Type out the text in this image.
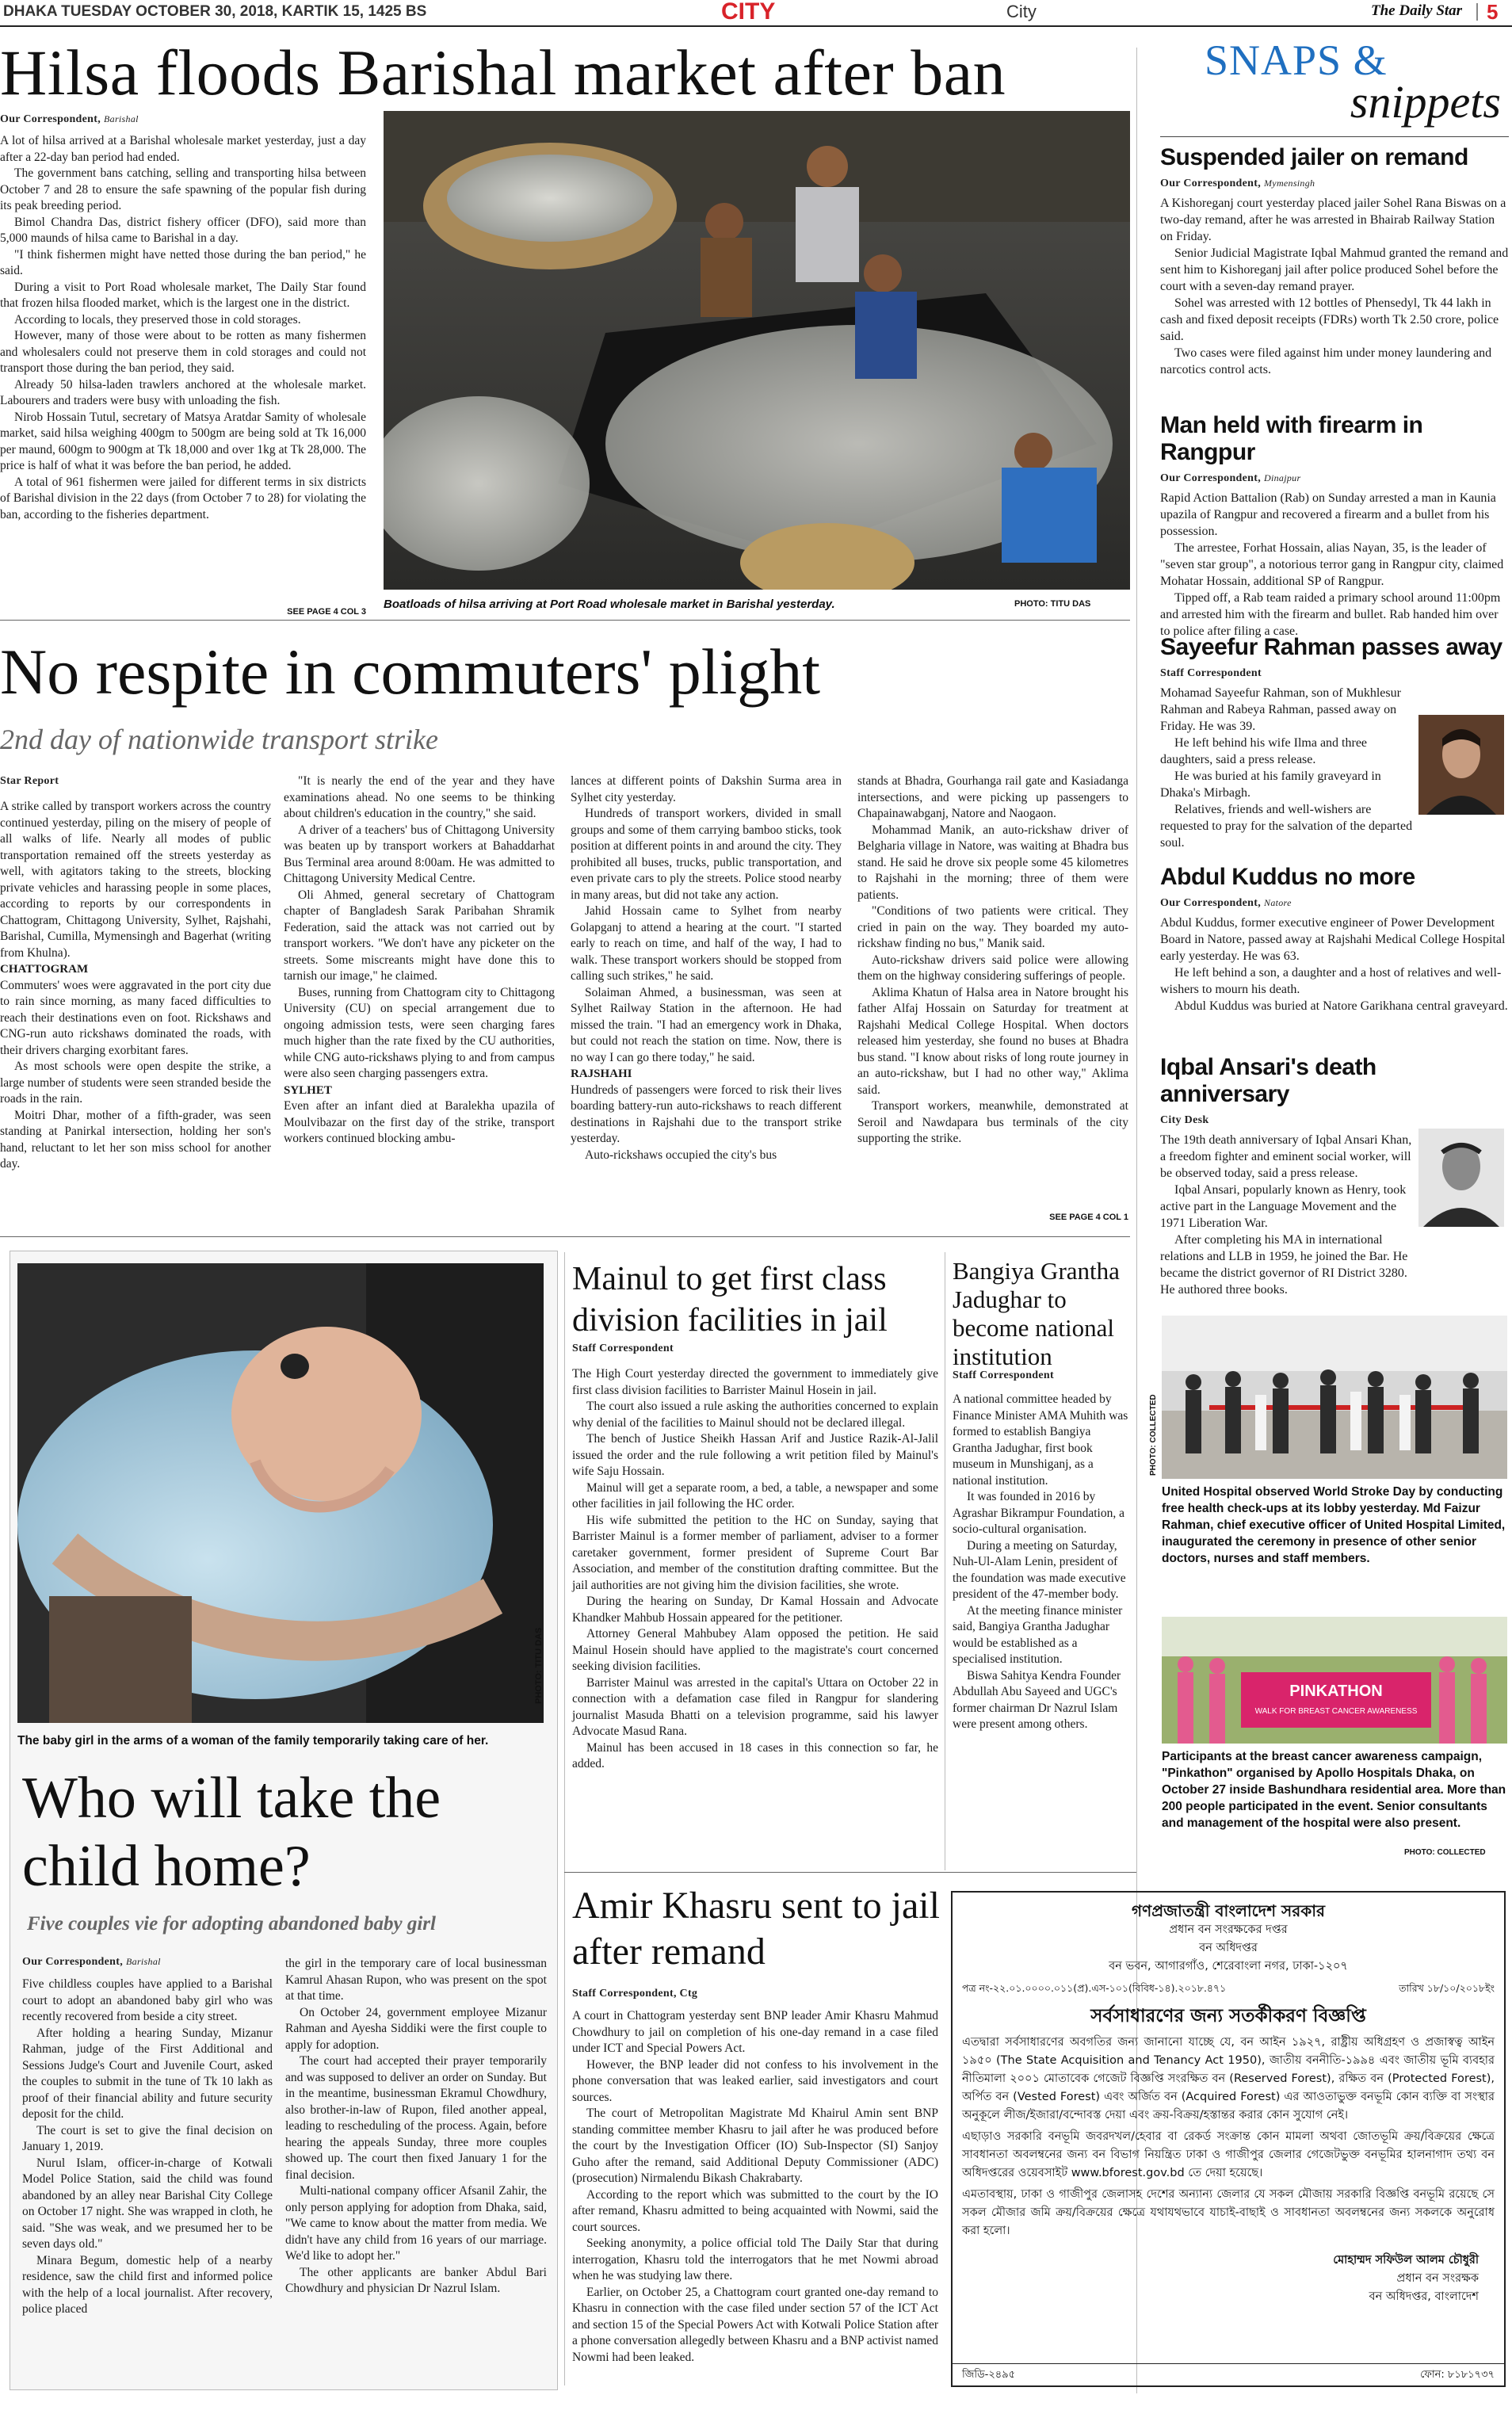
DHAKA TUESDAY OCTOBER 30, 2018, KARTIK 15, 1425 BS	CITY	City	The Daily Star 5
Hilsa floods Barishal market after ban
Our Correspondent, Barishal

A lot of hilsa arrived at a Barishal wholesale market yesterday, just a day after a 22-day ban period had ended.

The government bans catching, selling and transporting hilsa between October 7 and 28 to ensure the safe spawning of the popular fish during its peak breeding period.

Bimol Chandra Das, district fishery officer (DFO), said more than 5,000 maunds of hilsa came to Barishal in a day.

"I think fishermen might have netted those during the ban period," he said.

During a visit to Port Road wholesale market, The Daily Star found that frozen hilsa flooded market, which is the largest one in the district.

According to locals, they preserved those in cold storages.

However, many of those were about to be rotten as many fishermen and wholesalers could not preserve them in cold storages and could not transport those during the ban period, they said.

Already 50 hilsa-laden trawlers anchored at the wholesale market. Labourers and traders were busy with unloading the fish.

Nirob Hossain Tutul, secretary of Matsya Aratdar Samity of wholesale market, said hilsa weighing 400gm to 500gm are being sold at Tk 16,000 per maund, 600gm to 900gm at Tk 18,000 and over 1kg at Tk 28,000. The price is half of what it was before the ban period, he added.

A total of 961 fishermen were jailed for different terms in six districts of Barishal division in the 22 days (from October 7 to 28) for violating the ban, according to the fisheries department.

SEE PAGE 4 COL 3
Boatloads of hilsa arriving at Port Road wholesale market in Barishal yesterday.	PHOTO: TITU DAS
No respite in commuters' plight
2nd day of nationwide transport strike
Star Report

A strike called by transport workers across the country continued yesterday, piling on the misery of people of all walks of life. Nearly all modes of public transportation remained off the streets yesterday as well, with agitators taking to the streets, blocking private vehicles and harassing people in some places, according to reports by our correspondents in Chattogram, Chittagong University, Sylhet, Rajshahi, Barishal, Cumilla, Mymensingh and Bagerhat (writing from Khulna).

CHATTOGRAM

Commuters' woes were aggravated in the port city due to rain since morning, as many faced difficulties to reach their destinations even on foot. Rickshaws and CNG-run auto rickshaws dominated the roads, with their drivers charging exorbitant fares.

As most schools were open despite the strike, a large number of students were seen stranded beside the roads in the rain.

Moitri Dhar, mother of a fifth-grader, was seen standing at Panirkal intersection, holding her son's hand, reluctant to let her son miss school for another day.

"It is nearly the end of the year and they have examinations ahead. No one seems to be thinking about children's education in the country," she said.

A driver of a teachers' bus of Chittagong University was beaten up by transport workers at Bahaddarhat Bus Terminal area around 8:00am. He was admitted to Chittagong University Medical Centre.

Oli Ahmed, general secretary of Chattogram chapter of Bangladesh Sarak Paribahan Shramik Federation, said the attack was not carried out by transport workers. "We don't have any picketer on the streets. Some miscreants might have done this to tarnish our image," he claimed.

Buses, running from Chattogram city to Chittagong University (CU) on special arrangement due to ongoing admission tests, were seen charging fares much higher than the rate fixed by the CU authorities, while CNG auto-rickshaws plying to and from campus were also seen charging passengers extra.

SYLHET

Even after an infant died at Baralekha upazila of Moulvibazar on the first day of the strike, transport workers continued blocking ambu-

lances at different points of Dakshin Surma area in Sylhet city yesterday.

Hundreds of transport workers, divided in small groups and some of them carrying bamboo sticks, took position at different points in and around the city. They prohibited all buses, trucks, public transportation, and even private cars to ply the streets. Police stood nearby in many areas, but did not take any action.

Jahid Hossain came to Sylhet from nearby Golapganj to attend a hearing at the court. "I started early to reach on time, and half of the way, I had to walk. These transport workers should be stopped from calling such strikes," he said.

Solaiman Ahmed, a businessman, was seen at Sylhet Railway Station in the afternoon. He had missed the train. "I had an emergency work in Dhaka, but could not reach the station on time. Now, there is no way I can go there today," he said.

RAJSHAHI

Hundreds of passengers were forced to risk their lives boarding battery-run auto-rickshaws to reach different destinations in Rajshahi due to the transport strike yesterday.

Auto-rickshaws occupied the city's bus

stands at Bhadra, Gourhanga rail gate and Kasiadanga intersections, and were picking up passengers to Chapainawabganj, Natore and Naogaon.

Mohammad Manik, an auto-rickshaw driver of Belgharia village in Natore, was waiting at Bhadra bus stand. He said he drove six people some 45 kilometres to Rajshahi in the morning; three of them were patients.

"Conditions of two patients were critical. They cried in pain on the way. They boarded my auto-rickshaw finding no bus," Manik said.

Auto-rickshaw drivers said police were allowing them on the highway considering sufferings of people.

Aklima Khatun of Halsa area in Natore brought his father Alfaj Hossain on Saturday for treatment at Rajshahi Medical College Hospital. When doctors released him yesterday, she found no buses at Bhadra bus stand. "I know about risks of long route journey in an auto-rickshaw, but I had no other way," Aklima said.

Transport workers, meanwhile, demonstrated at Seroil and Nawdapara bus terminals of the city supporting the strike.

SEE PAGE 4 COL 1
PHOTO: TITU DAS
The baby girl in the arms of a woman of the family temporarily taking care of her.
Who will take the child home?
Five couples vie for adopting abandoned baby girl
Our Correspondent, Barishal

Five childless couples have applied to a Barishal court to adopt an abandoned baby girl who was recently recovered from beside a city street.

After holding a hearing Sunday, Mizanur Rahman, judge of the First Additional and Sessions Judge's Court and Juvenile Court, asked the couples to submit in the tune of Tk 10 lakh as proof of their financial ability and future security deposit for the child.

The court is set to give the final decision on January 1, 2019.

Nurul Islam, officer-in-charge of Kotwali Model Police Station, said the child was found abandoned by an alley near Barishal City College on October 17 night. She was wrapped in cloth, he said. "She was weak, and we presumed her to be seven days old."

Minara Begum, domestic help of a nearby residence, saw the child first and informed police with the help of a local journalist. After recovery, police placed

the girl in the temporary care of local businessman Kamrul Ahasan Rupon, who was present on the spot at that time.

On October 24, government employee Mizanur Rahman and Ayesha Siddiki were the first couple to apply for adoption.

The court had accepted their prayer temporarily and was supposed to deliver an order on Sunday. But in the meantime, businessman Ekramul Chowdhury, also brother-in-law of Rupon, filed another appeal, leading to rescheduling of the process. Again, before hearing the appeals Sunday, three more couples showed up. The court then fixed January 1 for the final decision.

Multi-national company officer Afsanil Zahir, the only person applying for adoption from Dhaka, said, "We came to know about the matter from media. We didn't have any child from 16 years of our marriage. We'd like to adopt her."

The other applicants are banker Abdul Bari Chowdhury and physician Dr Nazrul Islam.

Mainul to get first class division facilities in jail
Staff Correspondent

The High Court yesterday directed the government to immediately give first class division facilities to Barrister Mainul Hosein in jail.

The court also issued a rule asking the authorities concerned to explain why denial of the facilities to Mainul should not be declared illegal.

The bench of Justice Sheikh Hassan Arif and Justice Razik-Al-Jalil issued the order and the rule following a writ petition filed by Mainul's wife Saju Hossain.

Mainul will get a separate room, a bed, a table, a newspaper and some other facilities in jail following the HC order.

His wife submitted the petition to the HC on Sunday, saying that Barrister Mainul is a former member of parliament, adviser to a former caretaker government, former president of Supreme Court Bar Association, and member of the constitution drafting committee. But the jail authorities are not giving him the division facilities, she wrote.

During the hearing on Sunday, Dr Kamal Hossain and Advocate Khandker Mahbub Hossain appeared for the petitioner.

Attorney General Mahbubey Alam opposed the petition. He said Mainul Hosein should have applied to the magistrate's court concerned seeking division facilities.

Barrister Mainul was arrested in the capital's Uttara on October 22 in connection with a defamation case filed in Rangpur for slandering journalist Masuda Bhatti on a television programme, said his lawyer Advocate Masud Rana.

Mainul has been accused in 18 cases in this connection so far, he added.

Bangiya Grantha Jadughar to become national institution
Staff Correspondent

A national committee headed by Finance Minister AMA Muhith was formed to establish Bangiya Grantha Jadughar, first book museum in Munshiganj, as a national institution.

It was founded in 2016 by Agrashar Bikrampur Foundation, a socio-cultural organisation.

During a meeting on Saturday, Nuh-Ul-Alam Lenin, president of the foundation was made executive president of the 47-member body.

At the meeting finance minister said, Bangiya Grantha Jadughar would be established as a specialised institution.

Biswa Sahitya Kendra Founder Abdullah Abu Sayeed and UGC's former chairman Dr Nazrul Islam were present among others.

Amir Khasru sent to jail after remand
Staff Correspondent, Ctg

A court in Chattogram yesterday sent BNP leader Amir Khasru Mahmud Chowdhury to jail on completion of his one-day remand in a case filed under ICT and Special Powers Act.

However, the BNP leader did not confess to his involvement in the phone conversation that was leaked earlier, said investigators and court sources.

The court of Metropolitan Magistrate Md Khairul Amin sent BNP standing committee member Khasru to jail after he was produced before the court by the Investigation Officer (IO) Sub-Inspector (SI) Sanjoy Guho after the remand, said Additional Deputy Commissioner (ADC) (prosecution) Nirmalendu Bikash Chakrabarty.

According to the report which was submitted to the court by the IO after remand, Khasru admitted to being acquainted with Nowmi, said the court sources.

Seeking anonymity, a police official told The Daily Star that during interrogation, Khasru told the interrogators that he met Nowmi abroad when he was studying law there.

Earlier, on October 25, a Chattogram court granted one-day remand to Khasru in connection with the case filed under section 57 of the ICT Act and section 15 of the Special Powers Act with Kotwali Police Station after a phone conversation allegedly between Khasru and a BNP activist named Nowmi had been leaked.

গণপ্রজাতন্ত্রী বাংলাদেশ সরকার
প্রধান বন সংরক্ষকের দপ্তর
বন অধিদপ্তর
বন ভবন, আগারগাঁও, শেরেবাংলা নগর, ঢাকা-১২০৭
পত্র নং-২২.০১.০০০০.০১১(প্র).এস-১০১(বিবিধ-১৪).২০১৮.৪৭১	তারিখ ১৮/১০/২০১৮ইং
সর্বসাধারণের জন্য সতর্কীকরণ বিজ্ঞপ্তি

এতদ্বারা সর্বসাধারণের অবগতির জন্য জানানো যাচ্ছে যে, বন আইন ১৯২৭, রাষ্ট্রীয় অধিগ্রহণ ও প্রজাস্বত্ব আইন ১৯৫০ (The State Acquisition and Tenancy Act 1950), জাতীয় বননীতি-১৯৯৪ এবং জাতীয় ভূমি ব্যবহার নীতিমালা ২০০১ মোতাবেক গেজেট বিজ্ঞপ্তি সংরক্ষিত বন (Reserved Forest), রক্ষিত বন (Protected Forest), অর্পিত বন (Vested Forest) এবং অর্জিত বন (Acquired Forest) এর আওতাভুক্ত বনভূমি কোন ব্যক্তি বা সংস্থার অনুকূলে লীজ/ইজারা/বন্দোবস্ত দেয়া এবং ক্রয়-বিক্রয়/হস্তান্তর করার কোন সুযোগ নেই।

এছাড়াও সরকারি বনভূমি জবরদখল/হেবার বা রেকর্ড সংক্রান্ত কোন মামলা অথবা জোতভূমি ক্রয়/বিক্রয়ের ক্ষেত্রে সাবধানতা অবলম্বনের জন্য বন বিভাগ নিয়ন্ত্রিত ঢাকা ও গাজীপুর জেলার গেজেটভুক্ত বনভূমির হালনাগাদ তথ্য বন অধিদপ্তরের ওয়েবসাইট www.bforest.gov.bd তে দেয়া হয়েছে।

এমতাবস্থায়, ঢাকা ও গাজীপুর জেলাসহ দেশের অন্যান্য জেলার যে সকল মৌজায় সরকারি বিজ্ঞপ্তি বনভূমি রয়েছে সে সকল মৌজার জমি ক্রয়/বিক্রয়ের ক্ষেত্রে যথাযথভাবে যাচাই-বাছাই ও সাবধানতা অবলম্বনের জন্য সকলকে অনুরোধ করা হলো।

মোহাম্মদ সফিউল আলম চৌধুরী
প্রধান বন সংরক্ষক
বন অধিদপ্তর, বাংলাদেশ
জিডি-২৪৯৫	ফোন: ৮১৮১৭৩৭
SNAPS &
snippets
Suspended jailer on remand
Our Correspondent, Mymensingh

A Kishoreganj court yesterday placed jailer Sohel Rana Biswas on a two-day remand, after he was arrested in Bhairab Railway Station on Friday.

Senior Judicial Magistrate Iqbal Mahmud granted the remand and sent him to Kishoreganj jail after police produced Sohel before the court with a seven-day remand prayer.

Sohel was arrested with 12 bottles of Phensedyl, Tk 44 lakh in cash and fixed deposit receipts (FDRs) worth Tk 2.50 crore, police said.

Two cases were filed against him under money laundering and narcotics control acts.

Man held with firearm in Rangpur
Our Correspondent, Dinajpur

Rapid Action Battalion (Rab) on Sunday arrested a man in Kaunia upazila of Rangpur and recovered a firearm and a bullet from his possession.

The arrestee, Forhat Hossain, alias Nayan, 35, is the leader of "seven star group", a notorious terror gang in Rangpur city, claimed Mohatar Hossain, additional SP of Rangpur.

Tipped off, a Rab team raided a primary school around 11:00pm and arrested him with the firearm and bullet. Rab handed him over to police after filing a case.

Sayeefur Rahman passes away
Staff Correspondent

Mohamad Sayeefur Rahman, son of Mukhlesur Rahman and Rabeya Rahman, passed away on Friday. He was 39.

He left behind his wife Ilma and three daughters, said a press release.

He was buried at his family graveyard in Dhaka's Mirbagh.

Relatives, friends and well-wishers are requested to pray for the salvation of the departed soul.

Abdul Kuddus no more
Our Correspondent, Natore

Abdul Kuddus, former executive engineer of Power Development Board in Natore, passed away at Rajshahi Medical College Hospital early yesterday. He was 63.

He left behind a son, a daughter and a host of relatives and well-wishers to mourn his death.

Abdul Kuddus was buried at Natore Garikhana central graveyard.

Iqbal Ansari's death anniversary
City Desk

The 19th death anniversary of Iqbal Ansari Khan, a freedom fighter and eminent social worker, will be observed today, said a press release.

Iqbal Ansari, popularly known as Henry, took active part in the Language Movement and the 1971 Liberation War.

After completing his MA in international relations and LLB in 1959, he joined the Bar. He became the district governor of RI District 3280. He authored three books.

PHOTO: COLLECTED
United Hospital observed World Stroke Day by conducting free health check-ups at its lobby yesterday. Md Faizur Rahman, chief executive officer of United Hospital Limited, inaugurated the ceremony in presence of other senior doctors, nurses and staff members.
PINKATHON
WALK FOR BREAST CANCER AWARENESS
Participants at the breast cancer awareness campaign, "Pinkathon" organised by Apollo Hospitals Dhaka, on October 27 inside Bashundhara residential area. More than 200 people participated in the event. Senior consultants and management of the hospital were also present.
PHOTO: COLLECTED
